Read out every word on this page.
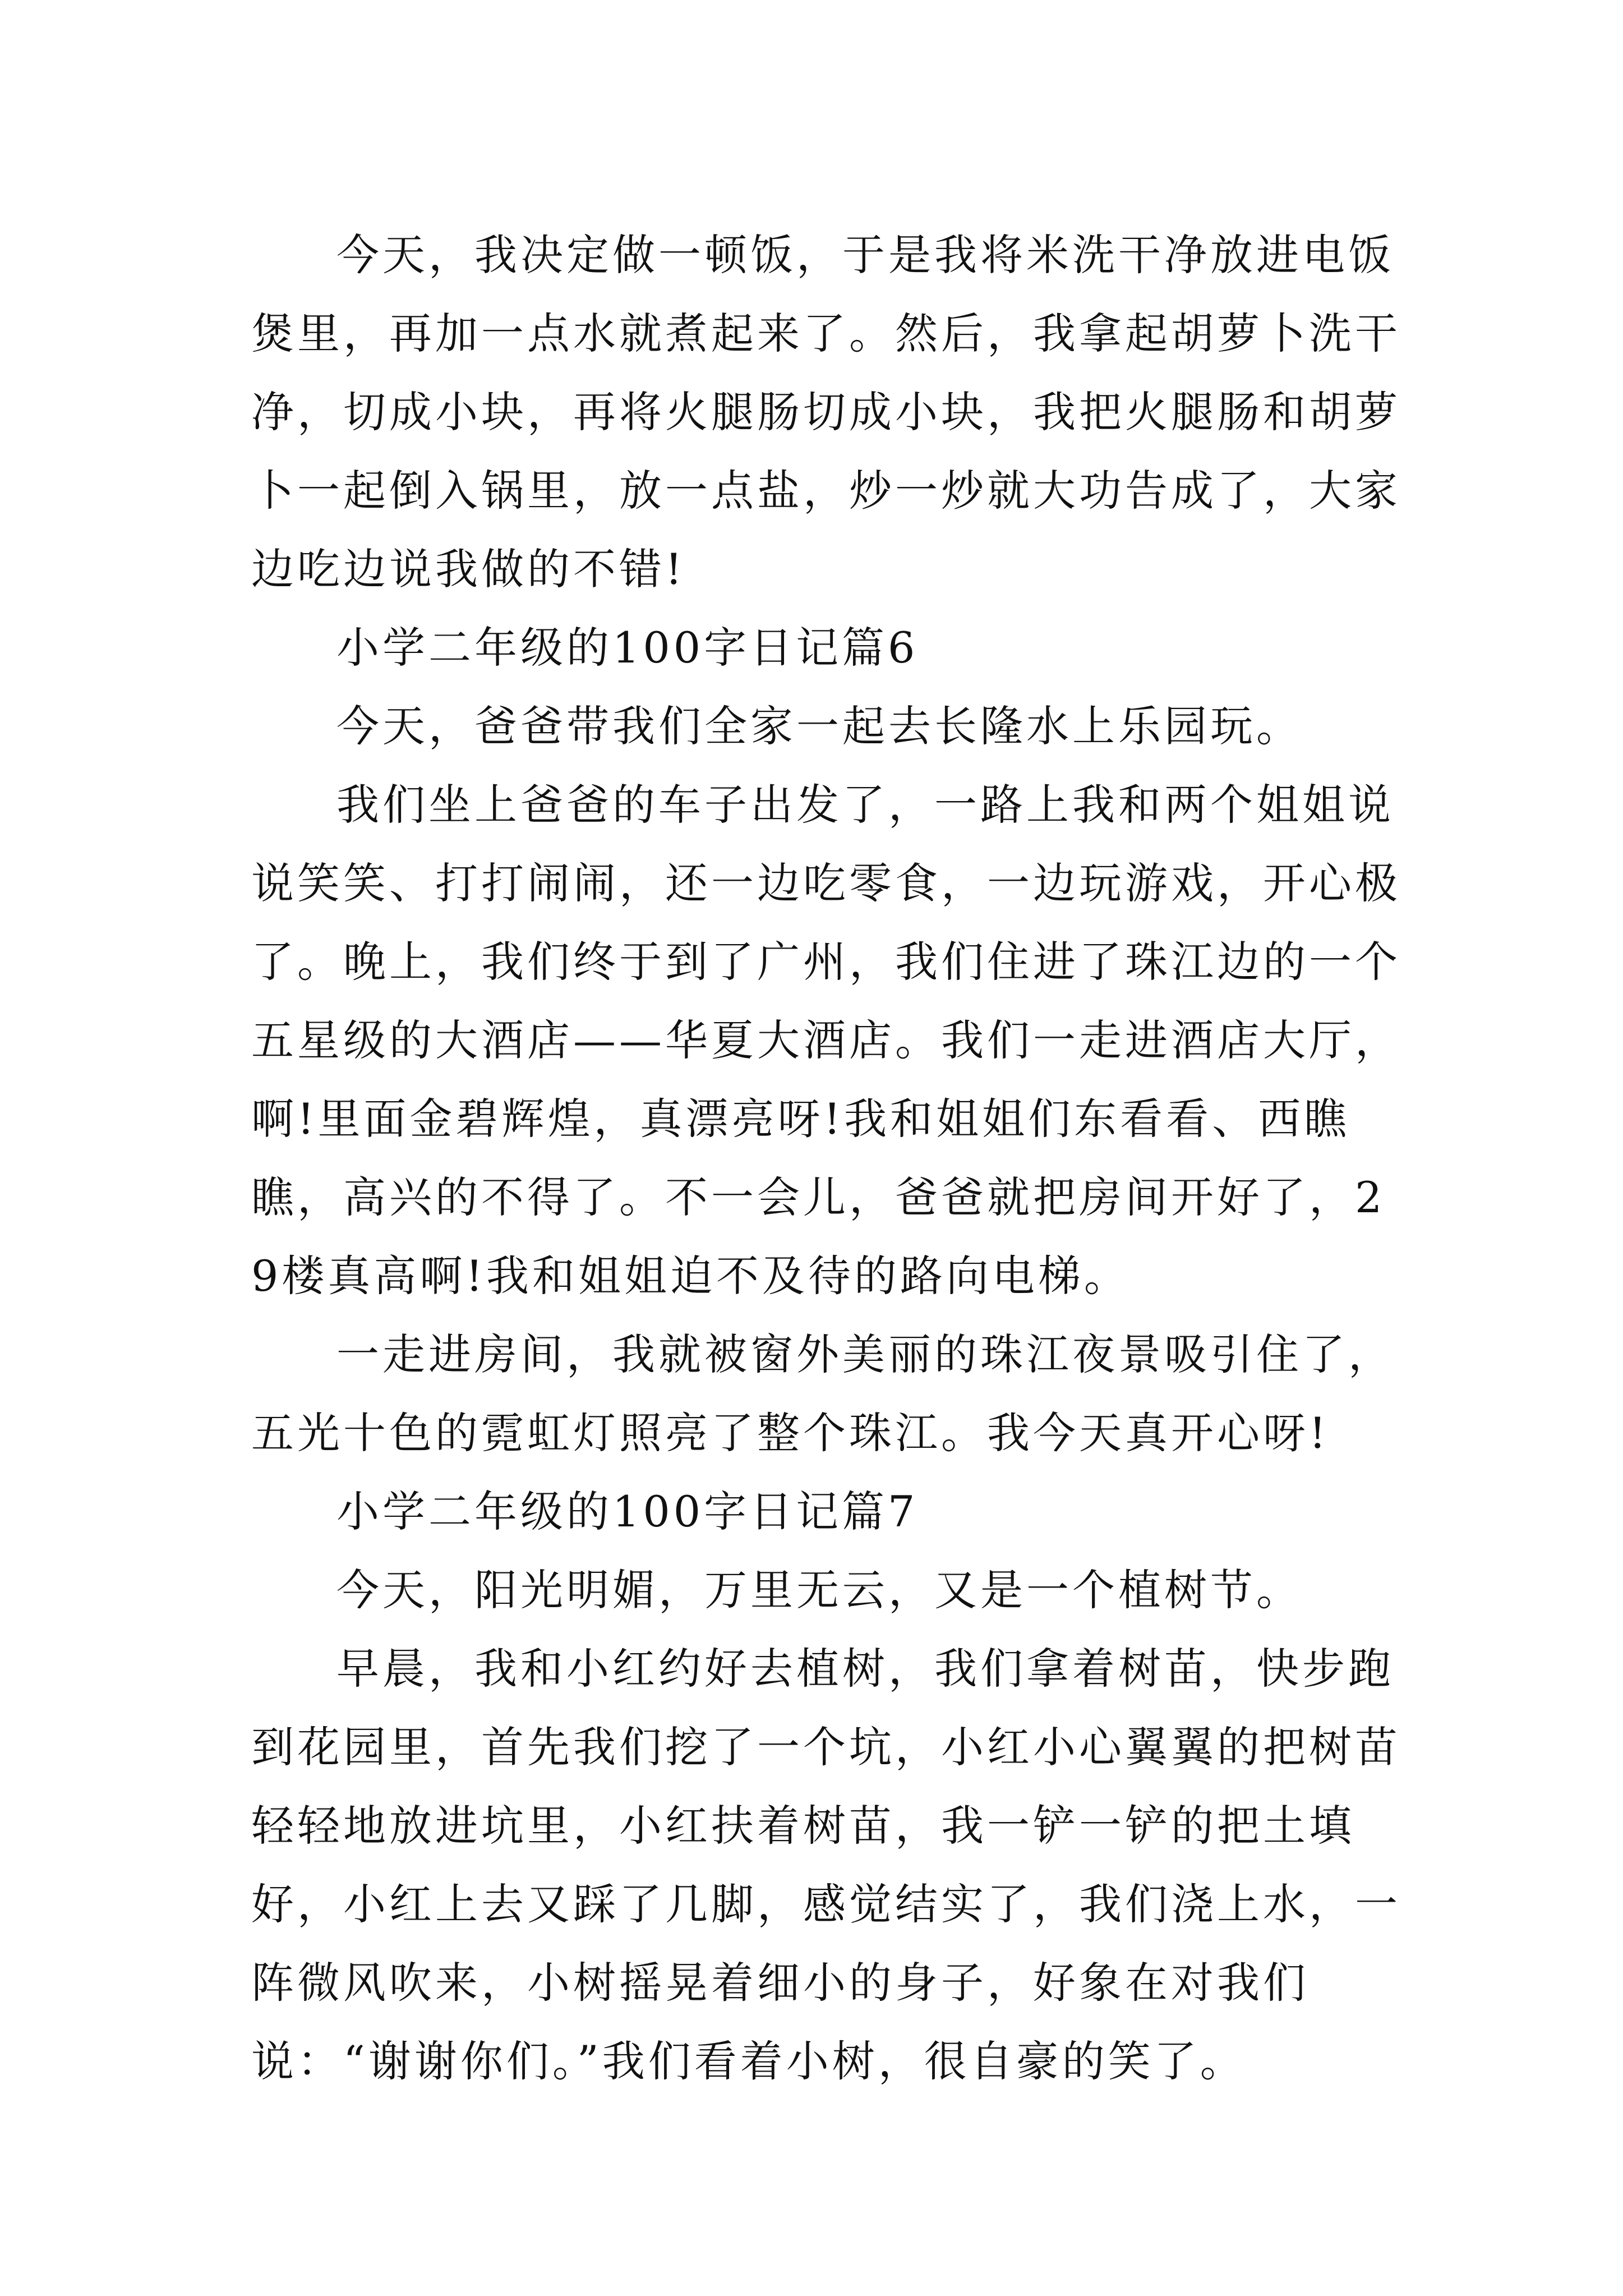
今天，我决定做一顿饭，于是我将米洗干净放进电饭煲里，再加一点水就煮起来了。然后，我拿起胡萝卜洗干净，切成小块，再将火腿肠切成小块，我把火腿肠和胡萝卜一起倒入锅里，放一点盐，炒一炒就大功告成了，大家边吃边说我做的不错!

小学二年级的100字日记篇6

今天，爸爸带我们全家一起去长隆水上乐园玩。

我们坐上爸爸的车子出发了，一路上我和两个姐姐说说笑笑、打打闹闹，还一边吃零食，一边玩游戏，开心极了。晚上，我们终于到了广州，我们住进了珠江边的一个五星级的大酒店——华夏大酒店。我们一走进酒店大厅，啊!里面金碧辉煌，真漂亮呀!我和姐姐们东看看、西瞧瞧，高兴的不得了。不一会儿，爸爸就把房间开好了，29楼真高啊!我和姐姐迫不及待的路向电梯。

一走进房间，我就被窗外美丽的珠江夜景吸引住了，五光十色的霓虹灯照亮了整个珠江。我今天真开心呀!

小学二年级的100字日记篇7

今天，阳光明媚，万里无云，又是一个植树节。

早晨，我和小红约好去植树，我们拿着树苗，快步跑到花园里，首先我们挖了一个坑，小红小心翼翼的把树苗轻轻地放进坑里，小红扶着树苗，我一铲一铲的把土填好，小红上去又踩了几脚，感觉结实了，我们浇上水，一阵微风吹来，小树摇晃着细小的身子，好象在对我们说：“谢谢你们。”我们看着小树，很自豪的笑了。
